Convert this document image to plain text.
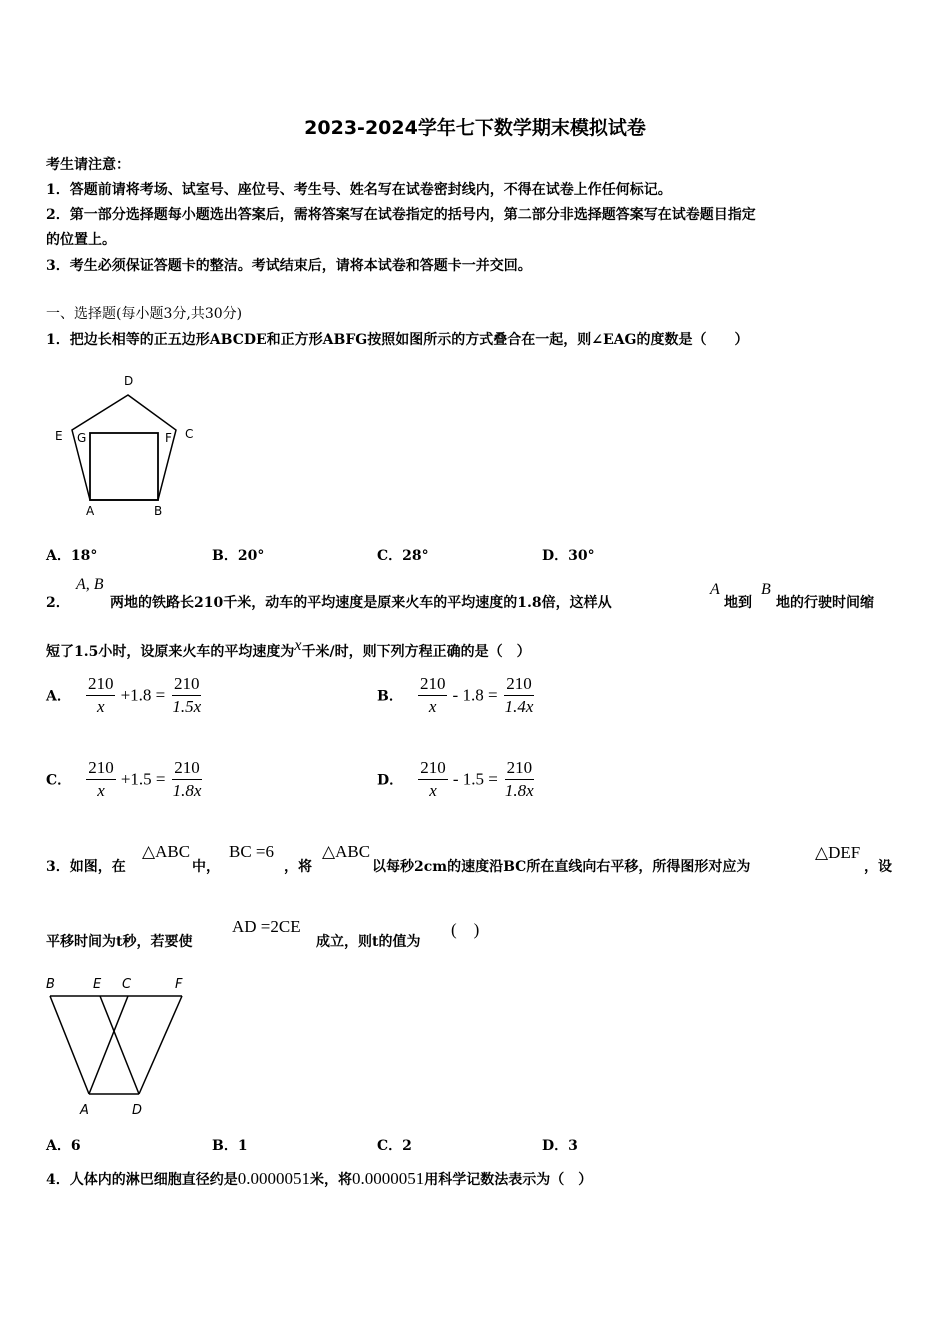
2023-2024学年七下数学期末模拟试卷
考生请注意：
1．答题前请将考场、试室号、座位号、考生号、姓名写在试卷密封线内，不得在试卷上作任何标记。
2．第一部分选择题每小题选出答案后，需将答案写在试卷指定的括号内，第二部分非选择题答案写在试卷题目指定
的位置上。
3．考生必须保证答题卡的整洁。考试结束后，请将本试卷和答题卡一并交回。
一、选择题(每小题3分,共30分)
1．把边长相等的正五边形ABCDE和正方形ABFG按照如图所示的方式叠合在一起，则∠EAG的度数是（　　）
D
E G	F C
A	B
A．18°	B．20°	C．28°	D．30°
2．
A, B
两地的铁路长210千米，动车的平均速度是原来火车的平均速度的1.8倍，这样从
A
地到
B
地的行驶时间缩
短了1.5小时，设原来火车的平均速度为x千米/时，则下列方程正确的是（　）
A． $\frac{210}{x} +1.8 = \frac{210}{1.5x}$	B． $\frac{210}{x} - 1.8 = \frac{210}{1.4x}$
C． $\frac{210}{x} +1.5 = \frac{210}{1.8x}$	D． $\frac{210}{x} - 1.5 = \frac{210}{1.8x}$
3．如图，在
△ABC
中，
BC =6
，将
△ABC
以每秒2cm的速度沿BC所在直线向右平移，所得图形对应为
△DEF
，设
平移时间为t秒，若要使
AD =2CE
成立，则t的值为
(　)
B	E C	F
A	D
A．6	B．1	C．2	D．3
4．人体内的淋巴细胞直径约是0.0000051米，将0.0000051用科学记数法表示为（　）
